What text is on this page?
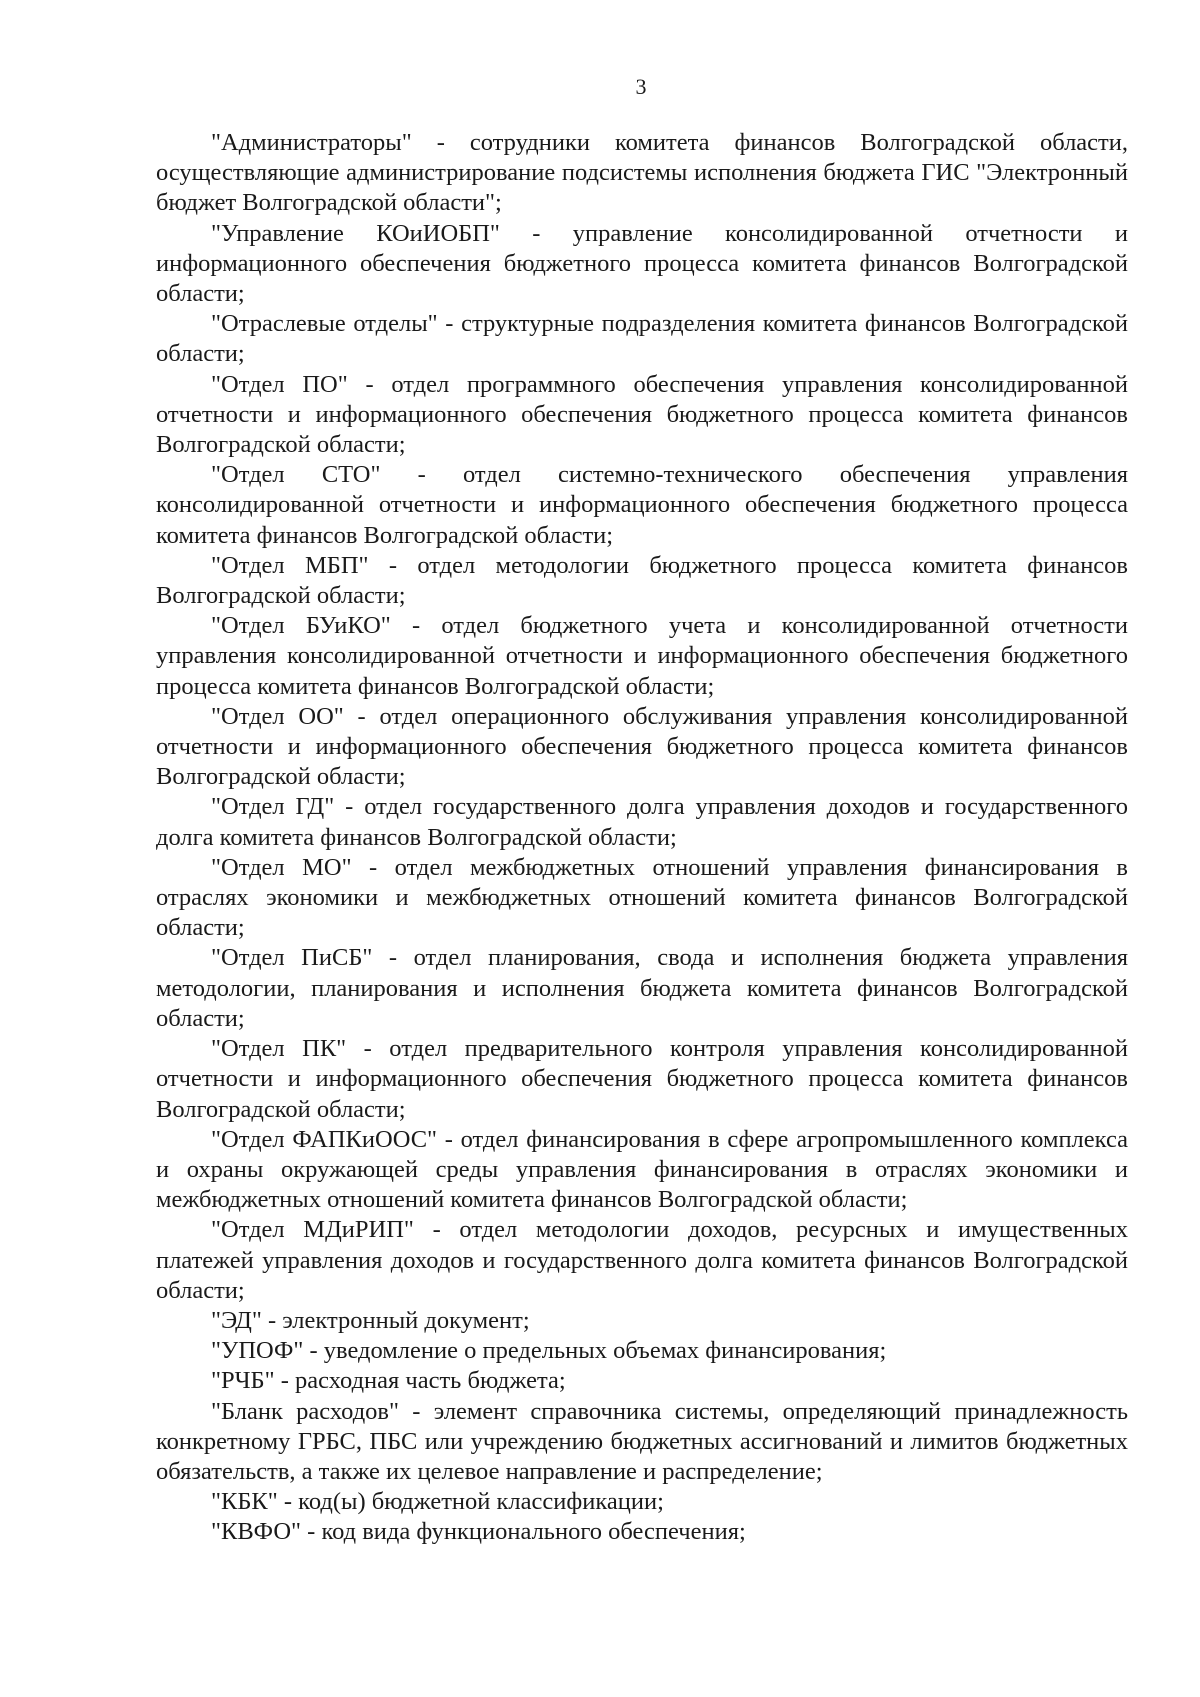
3

"Администраторы" - сотрудники комитета финансов Волгоградской области, осуществляющие администрирование подсистемы исполнения бюджета ГИС "Электронный бюджет Волгоградской области";

"Управление КОиИОБП" - управление консолидированной отчетности и информационного обеспечения бюджетного процесса комитета финансов Волгоградской области;

"Отраслевые отделы" - структурные подразделения комитета финансов Волгоградской области;

"Отдел ПО" - отдел программного обеспечения управления консолидированной отчетности и информационного обеспечения бюджетного процесса комитета финансов Волгоградской области;

"Отдел СТО" - отдел системно-технического обеспечения управления консолидированной отчетности и информационного обеспечения бюджетного процесса комитета финансов Волгоградской области;

"Отдел МБП" - отдел методологии бюджетного процесса комитета финансов Волгоградской области;

"Отдел БУиКО" - отдел бюджетного учета и консолидированной отчетности управления консолидированной отчетности и информационного обеспечения бюджетного процесса комитета финансов Волгоградской области;

"Отдел ОО" - отдел операционного обслуживания управления консолидированной отчетности и информационного обеспечения бюджетного процесса комитета финансов Волгоградской области;

"Отдел ГД" - отдел государственного долга управления доходов и государственного долга комитета финансов Волгоградской области;

"Отдел МО" - отдел межбюджетных отношений управления финансирования в отраслях экономики и межбюджетных отношений комитета финансов Волгоградской области;

"Отдел ПиСБ" - отдел планирования, свода и исполнения бюджета управления методологии, планирования и исполнения бюджета комитета финансов Волгоградской области;

"Отдел ПК" - отдел предварительного контроля управления консолидированной отчетности и информационного обеспечения бюджетного процесса комитета финансов Волгоградской области;

"Отдел ФАПКиООС" - отдел финансирования в сфере агропромышленного комплекса и охраны окружающей среды управления финансирования в отраслях экономики и межбюджетных отношений комитета финансов Волгоградской области;

"Отдел МДиРИП" - отдел методологии доходов, ресурсных и имущественных платежей управления доходов и государственного долга комитета финансов Волгоградской области;

"ЭД" - электронный документ;

"УПОФ" - уведомление о предельных объемах финансирования;

"РЧБ" - расходная часть бюджета;

"Бланк расходов" - элемент справочника системы, определяющий принадлежность конкретному ГРБС, ПБС или учреждению бюджетных ассигнований и лимитов бюджетных обязательств, а также их целевое направление и распределение;

"КБК" - код(ы) бюджетной классификации;

"КВФО" - код вида функционального обеспечения;
